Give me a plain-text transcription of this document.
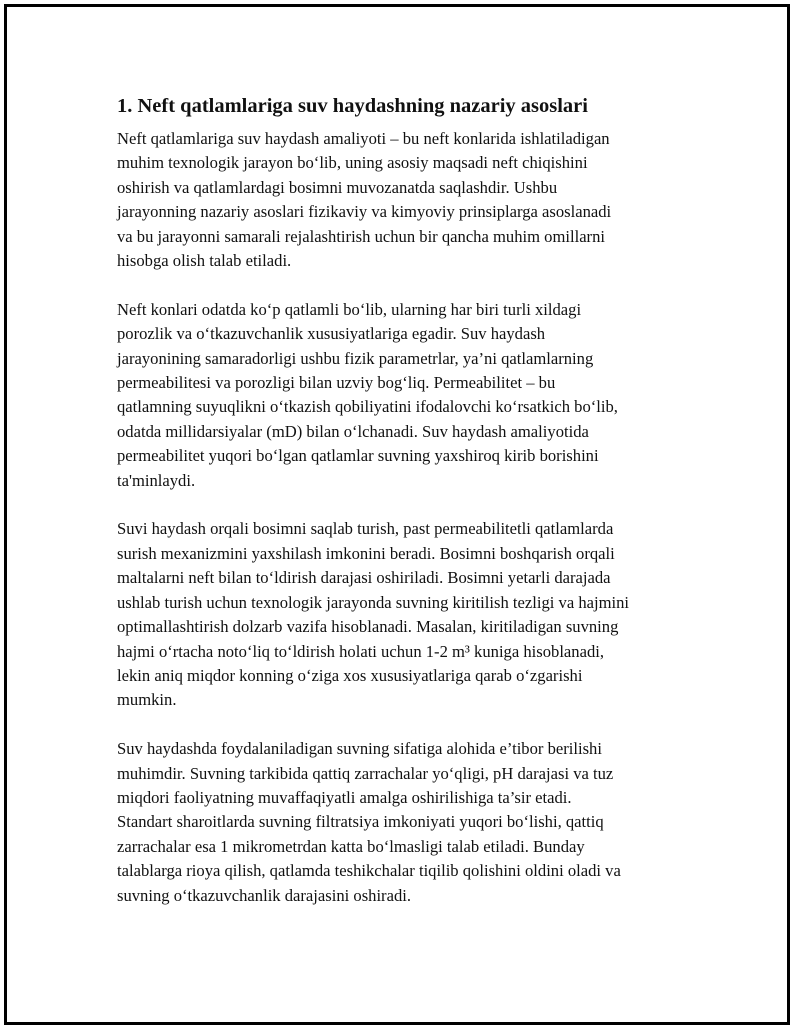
1. Neft qatlamlariga suv haydashning nazariy asoslari

Neft qatlamlariga suv haydash amaliyoti – bu neft konlarida ishlatiladigan
muhim texnologik jarayon bo‘lib, uning asosiy maqsadi neft chiqishini
oshirish va qatlamlardagi bosimni muvozanatda saqlashdir. Ushbu
jarayonning nazariy asoslari fizikaviy va kimyoviy prinsiplarga asoslanadi
va bu jarayonni samarali rejalashtirish uchun bir qancha muhim omillarni
hisobga olish talab etiladi.

Neft konlari odatda ko‘p qatlamli bo‘lib, ularning har biri turli xildagi
porozlik va o‘tkazuvchanlik xususiyatlariga egadir. Suv haydash
jarayonining samaradorligi ushbu fizik parametrlar, ya’ni qatlamlarning
permeabilitesi va porozligi bilan uzviy bog‘liq. Permeabilitet – bu
qatlamning suyuqlikni o‘tkazish qobiliyatini ifodalovchi ko‘rsatkich bo‘lib,
odatda millidarsiyalar (mD) bilan o‘lchanadi. Suv haydash amaliyotida
permeabilitet yuqori bo‘lgan qatlamlar suvning yaxshiroq kirib borishini
ta'minlaydi.

Suvi haydash orqali bosimni saqlab turish, past permeabilitetli qatlamlarda
surish mexanizmini yaxshilash imkonini beradi. Bosimni boshqarish orqali
maltalarni neft bilan to‘ldirish darajasi oshiriladi. Bosimni yetarli darajada
ushlab turish uchun texnologik jarayonda suvning kiritilish tezligi va hajmini
optimallashtirish dolzarb vazifa hisoblanadi. Masalan, kiritiladigan suvning
hajmi o‘rtacha noto‘liq to‘ldirish holati uchun 1-2 m³ kuniga hisoblanadi,
lekin aniq miqdor konning o‘ziga xos xususiyatlariga qarab o‘zgarishi
mumkin.

Suv haydashda foydalaniladigan suvning sifatiga alohida e’tibor berilishi
muhimdir. Suvning tarkibida qattiq zarrachalar yo‘qligi, pH darajasi va tuz
miqdori faoliyatning muvaffaqiyatli amalga oshirilishiga ta’sir etadi.
Standart sharoitlarda suvning filtratsiya imkoniyati yuqori bo‘lishi, qattiq
zarrachalar esa 1 mikrometrdan katta bo‘lmasligi talab etiladi. Bunday
talablarga rioya qilish, qatlamda teshikchalar tiqilib qolishini oldini oladi va
suvning o‘tkazuvchanlik darajasini oshiradi.
